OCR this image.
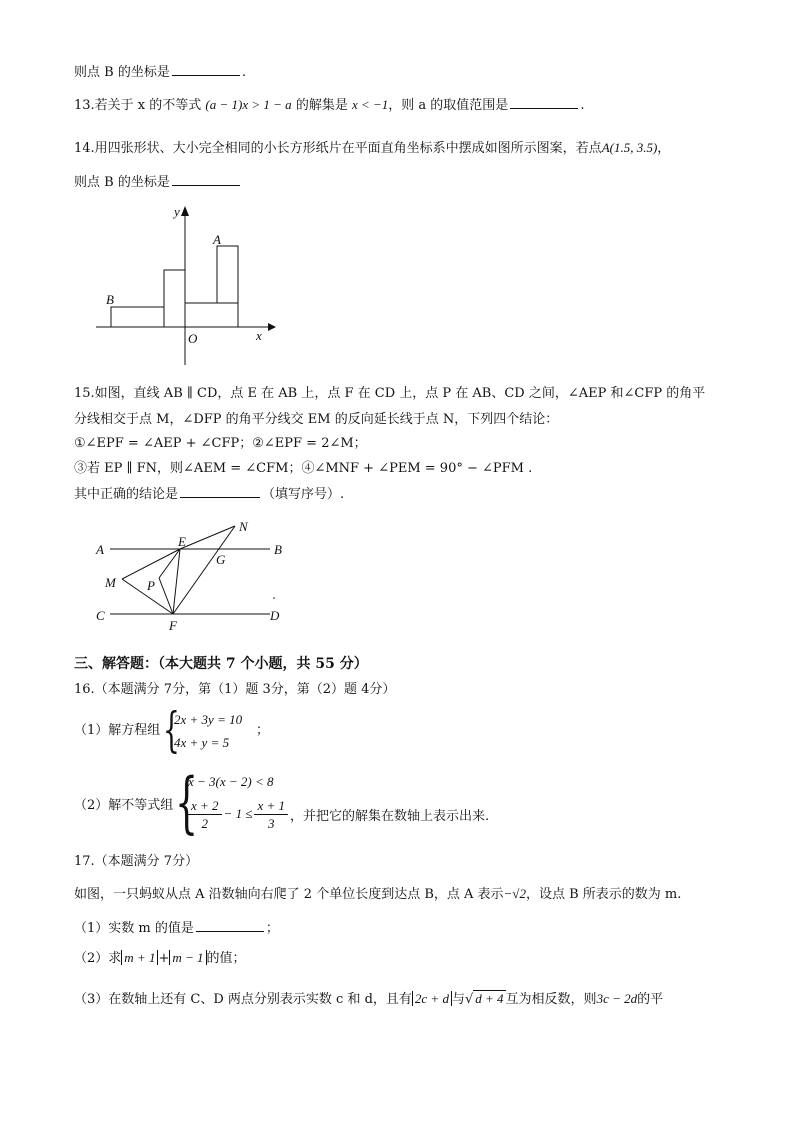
则点 B 的坐标是	.
13.若关于 x 的不等式 (a − 1)x > 1 − a 的解集是 x < −1，则 a 的取值范围是	.
14.用四张形状、大小完全相同的小长方形纸片在平面直角坐标系中摆成如图所示图案，若点A(1.5, 3.5)，
则点 B 的坐标是
y
x
O
A
B
15.如图，直线 AB ∥ CD，点 E 在 AB 上，点 F 在 CD 上，点 P 在 AB、CD 之间，∠AEP 和∠CFP 的角平
分线相交于点 M，∠DFP 的角平分线交 EM 的反向延长线于点 N，下列四个结论：
①∠EPF = ∠AEP + ∠CFP；②∠EPF = 2∠M；
③若 EP ∥ FN，则∠AEM = ∠CFM；④∠MNF + ∠PEM = 90° − ∠PFM .
其中正确的结论是	（填写序号）.
A	B
C	D
E
F
G
M
N
P
三、解答题：（本大题共 7 个小题，共 55 分）
16.（本题满分 7分，第（1）题 3分，第（2）题 4分）
（1）解方程组 {
2x + 3y = 10
4x + y = 5
；
（2）解不等式组 {
x − 3(x − 2) < 8
$\frac{x + 2}{2} - 1 \le \frac{x + 1}{3}$ ，并把它的解集在数轴上表示出来.
17.（本题满分 7分）
如图，一只蚂蚁从点 A 沿数轴向右爬了 2 个单位长度到达点 B，点 A 表示−√2，设点 B 所表示的数为 m.
（1）实数 m 的值是	；
（2）求 m + 1 + m − 1 的值；
（3）在数轴上还有 C、D 两点分别表示实数 c 和 d，且有 2c + d 与√ d + 4 互为相反数，则3c − 2d的平
